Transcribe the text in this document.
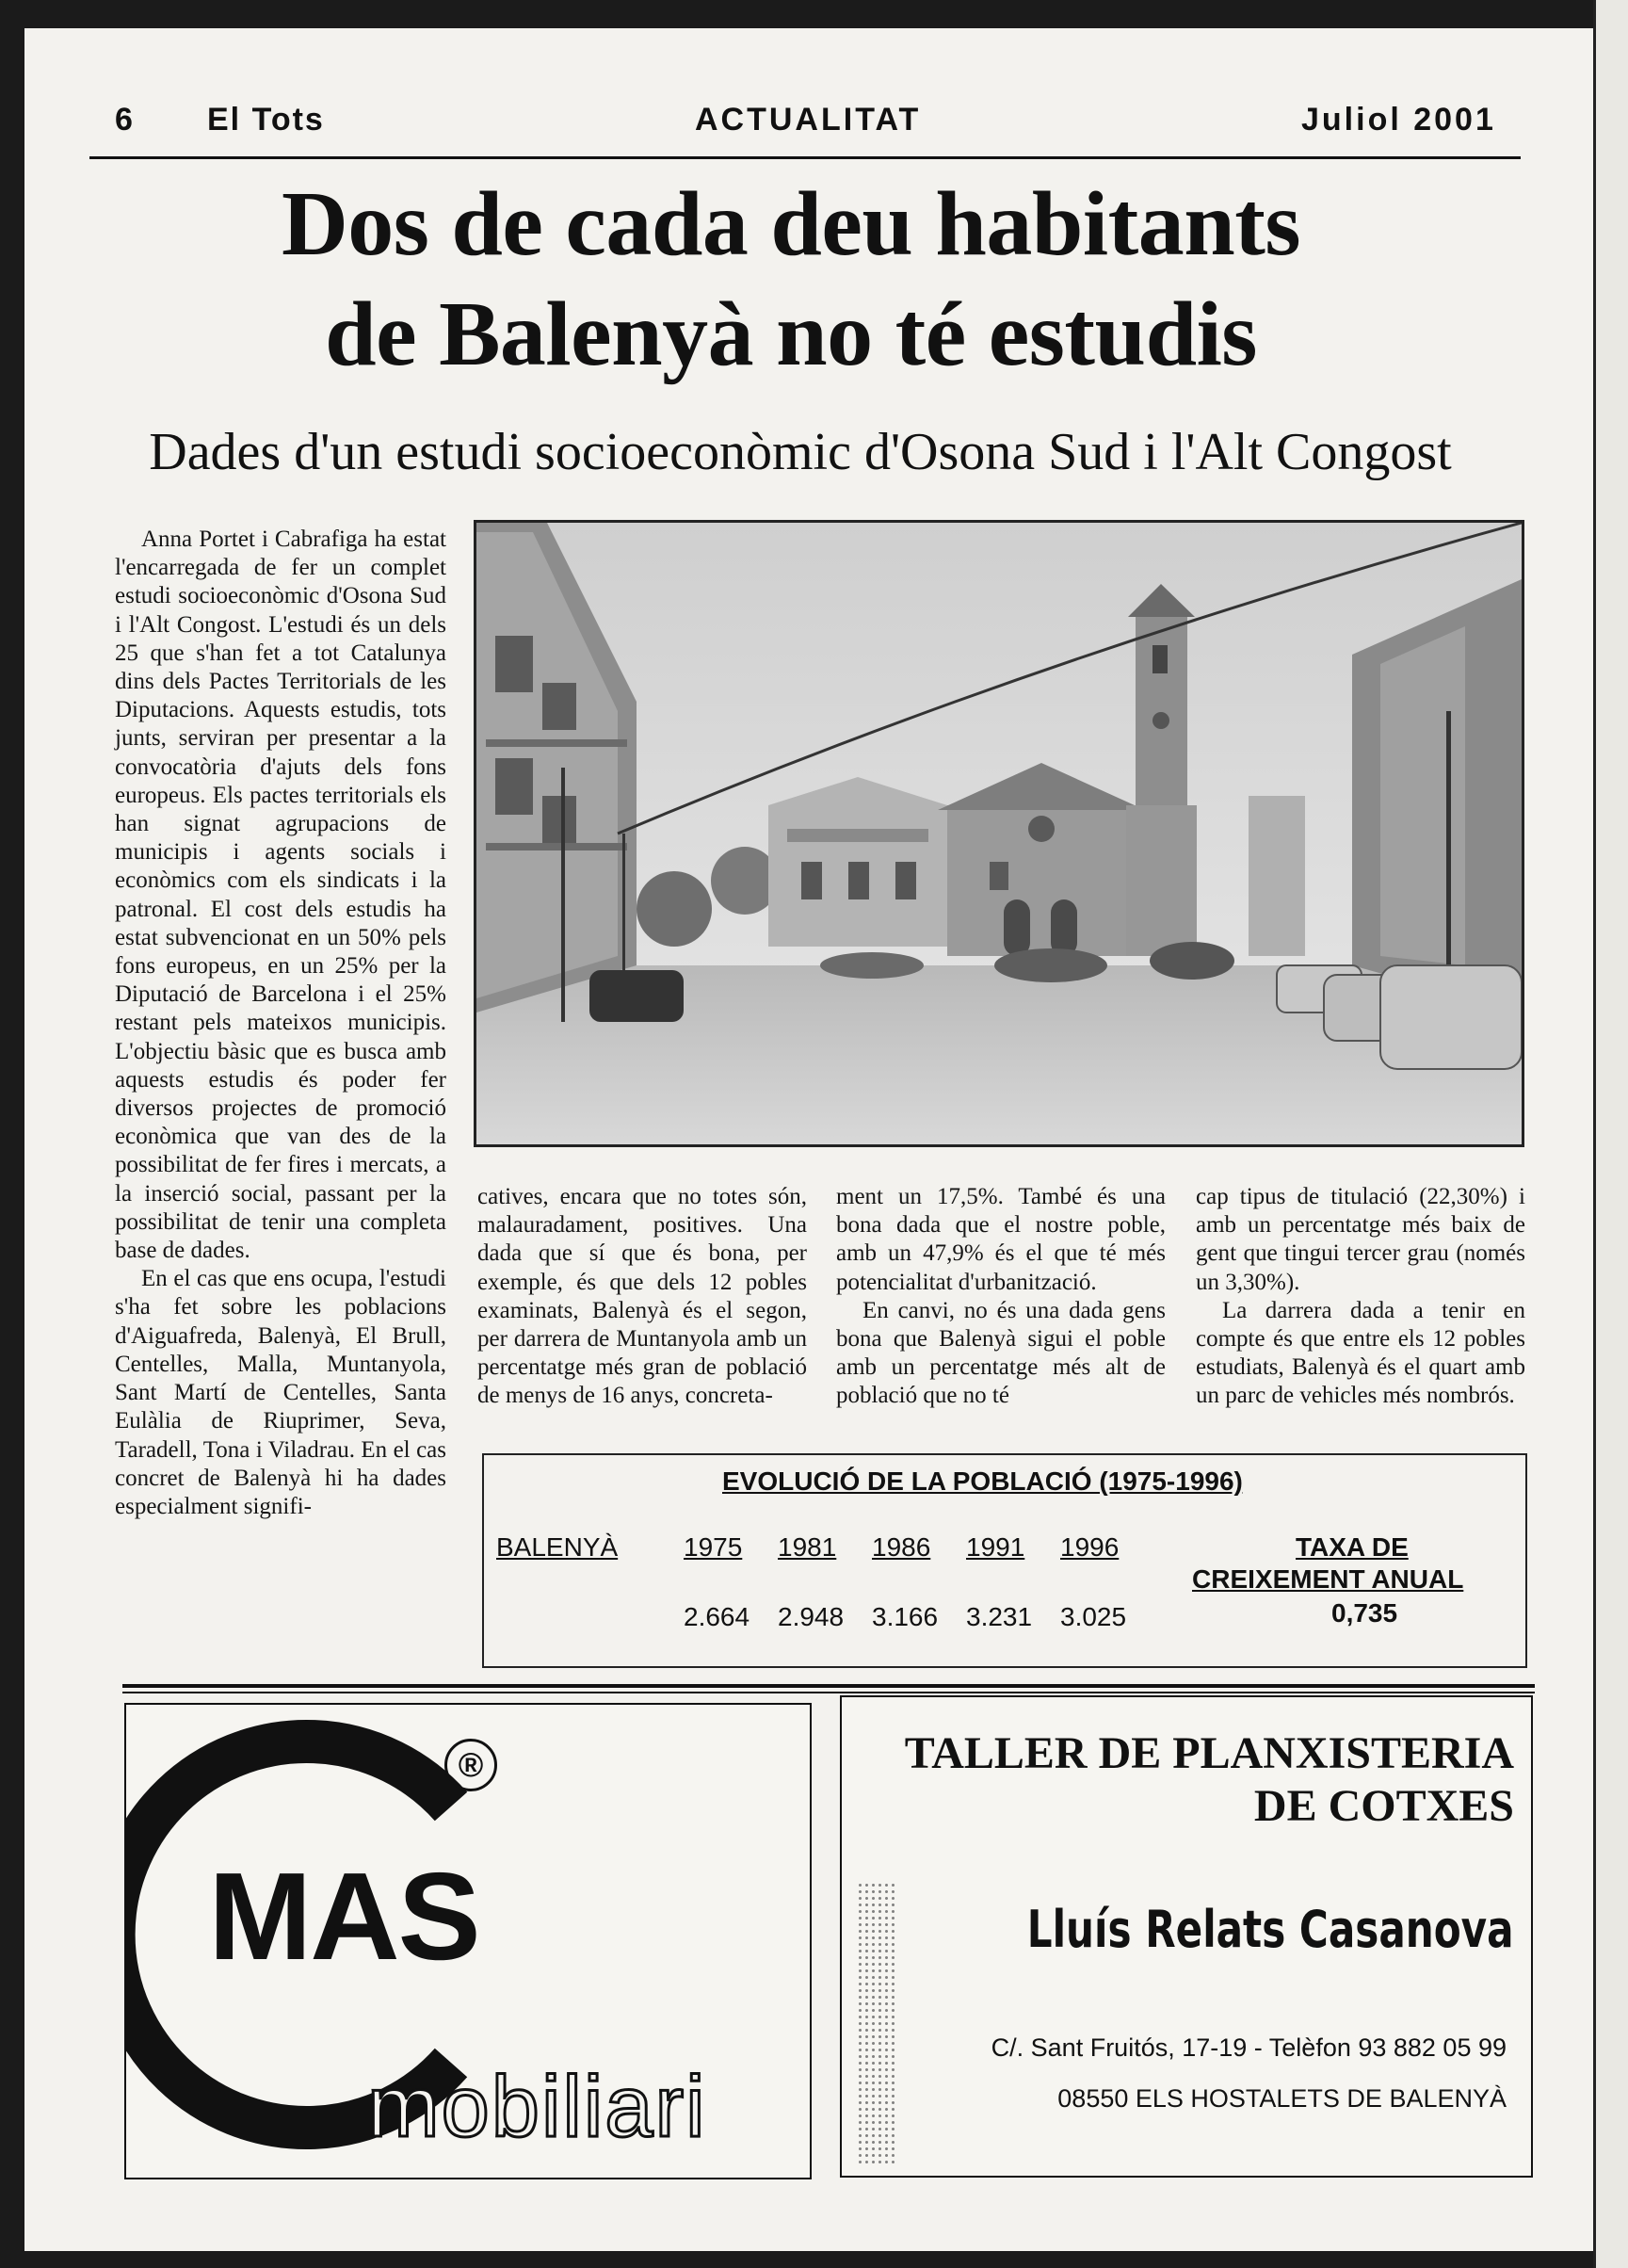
6 El Tots	ACTUALITAT	Juliol 2001
Dos de cada deu habitants
de Balenyà no té estudis
Dades d'un estudi socioeconòmic d'Osona Sud i l'Alt Congost

Anna Portet i Cabrafiga ha estat l'encarregada de fer un complet estudi socioeconòmic d'Osona Sud i l'Alt Congost. L'estudi és un dels 25 que s'han fet a tot Catalunya dins dels Pactes Territorials de les Diputacions. Aquests estudis, tots junts, serviran per presentar a la convocatòria d'ajuts dels fons europeus. Els pactes territorials els han signat agrupacions de municipis i agents socials i econòmics com els sindicats i la patronal. El cost dels estudis ha estat subvencionat en un 50% pels fons europeus, en un 25% per la Diputació de Barcelona i el 25% restant pels mateixos municipis. L'objectiu bàsic que es busca amb aquests estudis és poder fer diversos projectes de promoció econòmica que van des de la possibilitat de fer fires i mercats, a la inserció social, passant per la possibilitat de tenir una completa base de dades.

En el cas que ens ocupa, l'estudi s'ha fet sobre les poblacions d'Aiguafreda, Balenyà, El Brull, Centelles, Malla, Muntanyola, Sant Martí de Centelles, Santa Eulàlia de Riuprimer, Seva, Taradell, Tona i Viladrau. En el cas concret de Balenyà hi ha dades especialment signifi-

catives, encara que no totes són, malauradament, positives. Una dada que sí que és bona, per exemple, és que dels 12 pobles examinats, Balenyà és el segon, per darrera de Muntanyola amb un percentatge més gran de població de menys de 16 anys, concreta-

ment un 17,5%. També és una bona dada que el nostre poble, amb un 47,9% és el que té més potencialitat d'urbanització.

En canvi, no és una dada gens bona que Balenyà sigui el poble amb un percentatge més alt de població que no té

cap tipus de titulació (22,30%) i amb un percentatge més baix de gent que tingui tercer grau (només un 3,30%).

La darrera dada a tenir en compte és que entre els 12 pobles estudiats, Balenyà és el quart amb un parc de vehicles més nombrós.

EVOLUCIÓ DE LA POBLACIÓ (1975-1996)
BALENYÀ 1975 1981 1986 1991 1996
2.664 2.948 3.166 3.231 3.025
TAXA DE
CREIXEMENT ANUAL
0,735
®
MAS
mobiliari
TALLER DE PLANXISTERIA
DE COTXES
Lluís Relats Casanova
C/. Sant Fruitós, 17-19 - Telèfon 93 882 05 99
08550 ELS HOSTALETS DE BALENYÀ
